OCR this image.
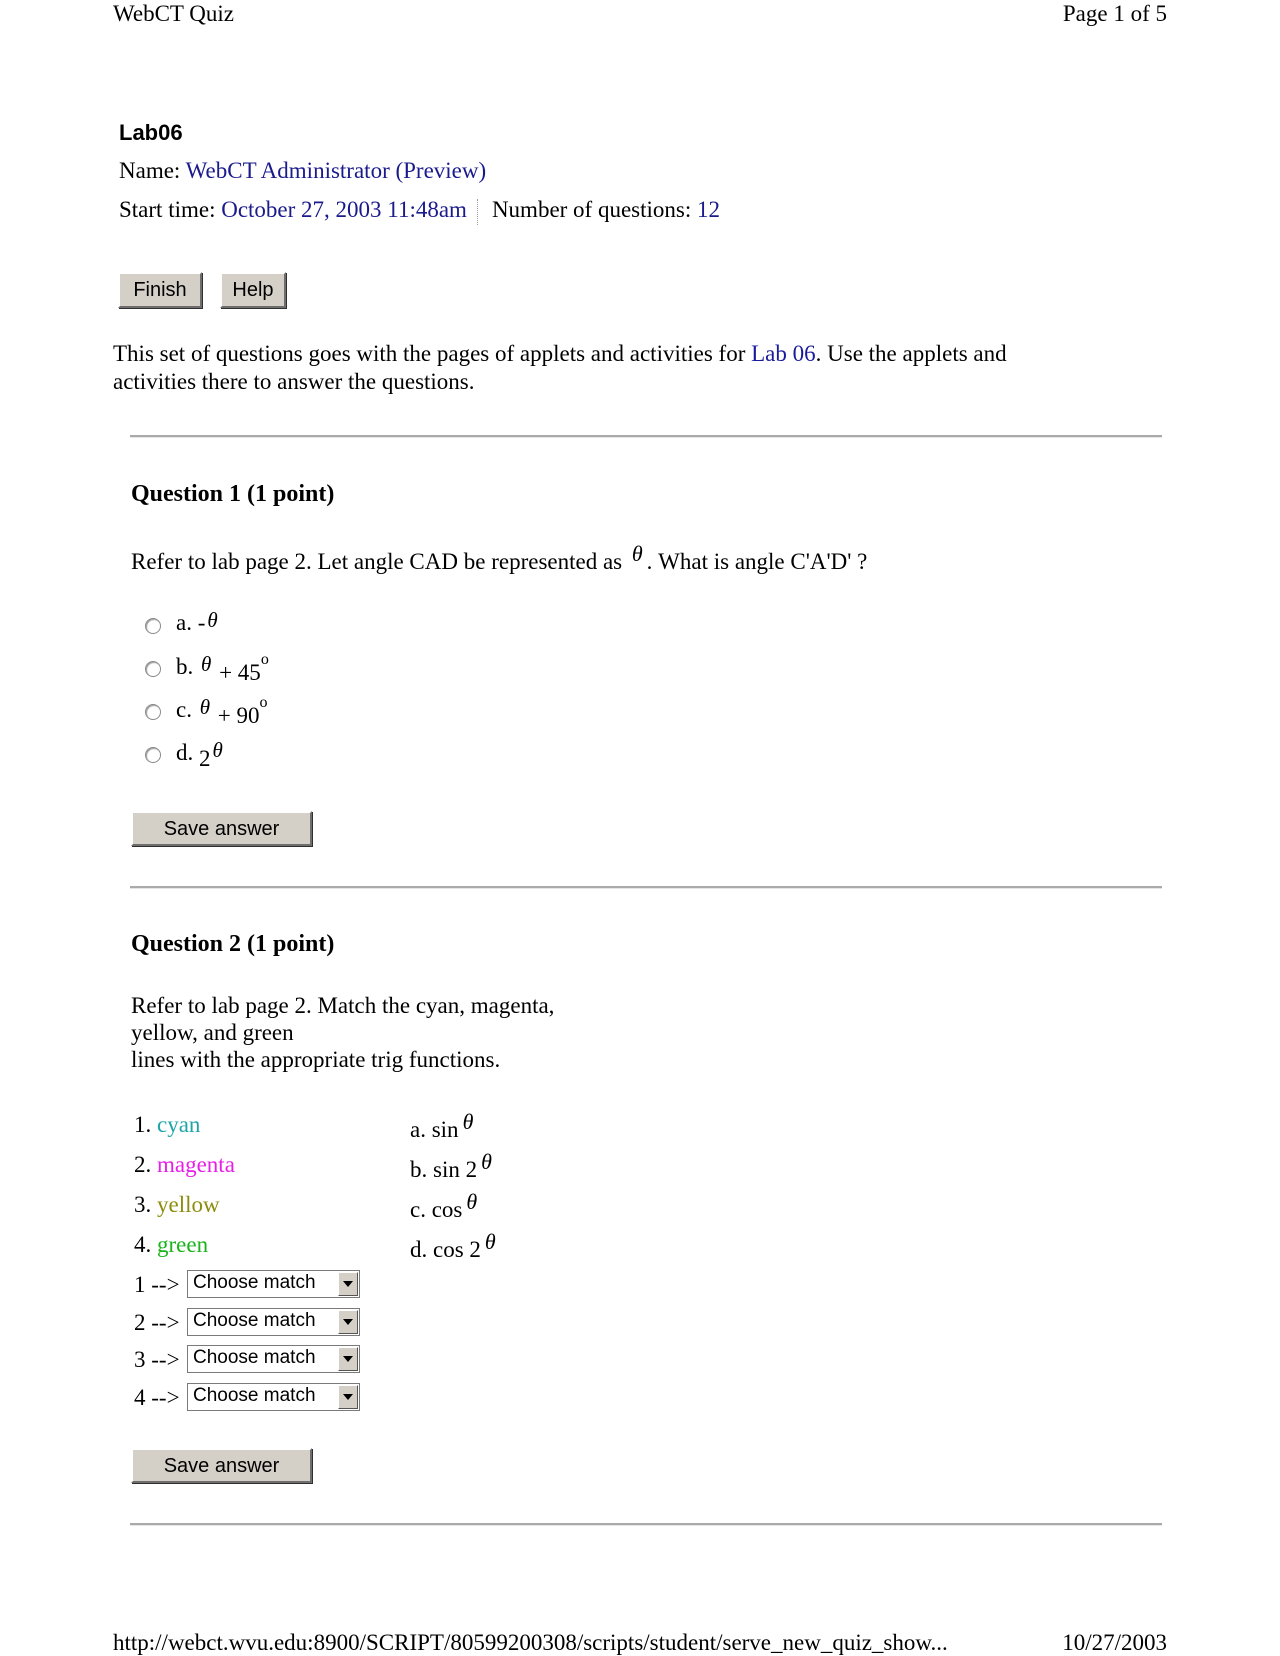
WebCT Quiz	Page 1 of 5
Lab06
Name: WebCT Administrator (Preview)
Start time: October 27, 2003 11:48am Number of questions: 12
Finish	Help
This set of questions goes with the pages of applets and activities for Lab 06. Use the applets and
activities there to answer the questions.
Question 1 (1 point)
Refer to lab page 2. Let angle CAD be represented as θ . What is angle C'A'D' ?
a. -θ
b. $\theta + 45^o$
c. $\theta + 90^o$
d. 2θ
Save answer
Question 2 (1 point)
Refer to lab page 2. Match the cyan, magenta,
yellow, and green
lines with the appropriate trig functions.
1. cyan
2. magenta
3. yellow
4. green
a. sin θ
b. sin 2 θ
c. cos θ
d. cos 2 θ
1 --> Choose match
2 --> Choose match
3 --> Choose match
4 --> Choose match
Save answer
http://webct.wvu.edu:8900/SCRIPT/80599200308/scripts/student/serve_new_quiz_show...	10/27/2003
